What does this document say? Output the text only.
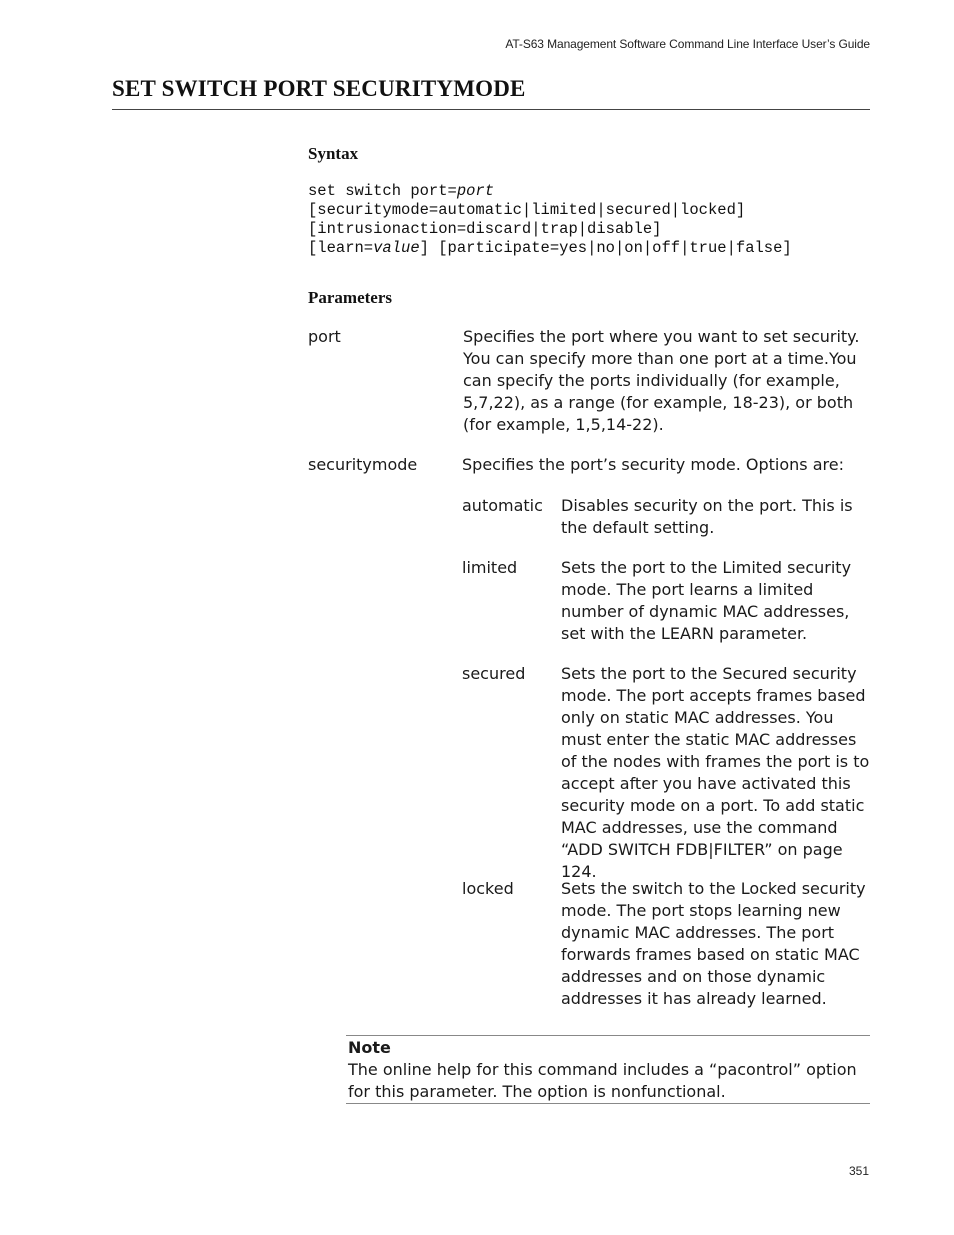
AT-S63 Management Software Command Line Interface User’s Guide
SET SWITCH PORT SECURITYMODE
Syntax
set switch port=port
[securitymode=automatic|limited|secured|locked]
[intrusionaction=discard|trap|disable]
[learn=value] [participate=yes|no|on|off|true|false]
Parameters
port	Specifies the port where you want to set security. You can specify more than one port at a time.You can specify the ports individually (for example, 5,7,22), as a range (for example, 18-23), or both (for example, 1,5,14-22).
securitymode	Specifies the port’s security mode. Options are:
automatic Disables security on the port. This is the default setting.
limited	Sets the port to the Limited security mode. The port learns a limited number of dynamic MAC addresses, set with the LEARN parameter.
secured Sets the port to the Secured security mode. The port accepts frames based only on static MAC addresses. You must enter the static MAC addresses of the nodes with frames the port is to accept after you have activated this security mode on a port. To add static MAC addresses, use the command “ADD SWITCH FDB|FILTER” on page 124.
locked	Sets the switch to the Locked security mode. The port stops learning new dynamic MAC addresses. The port forwards frames based on static MAC addresses and on those dynamic addresses it has already learned.
Note
The online help for this command includes a “pacontrol” option for this parameter. The option is nonfunctional.
351
